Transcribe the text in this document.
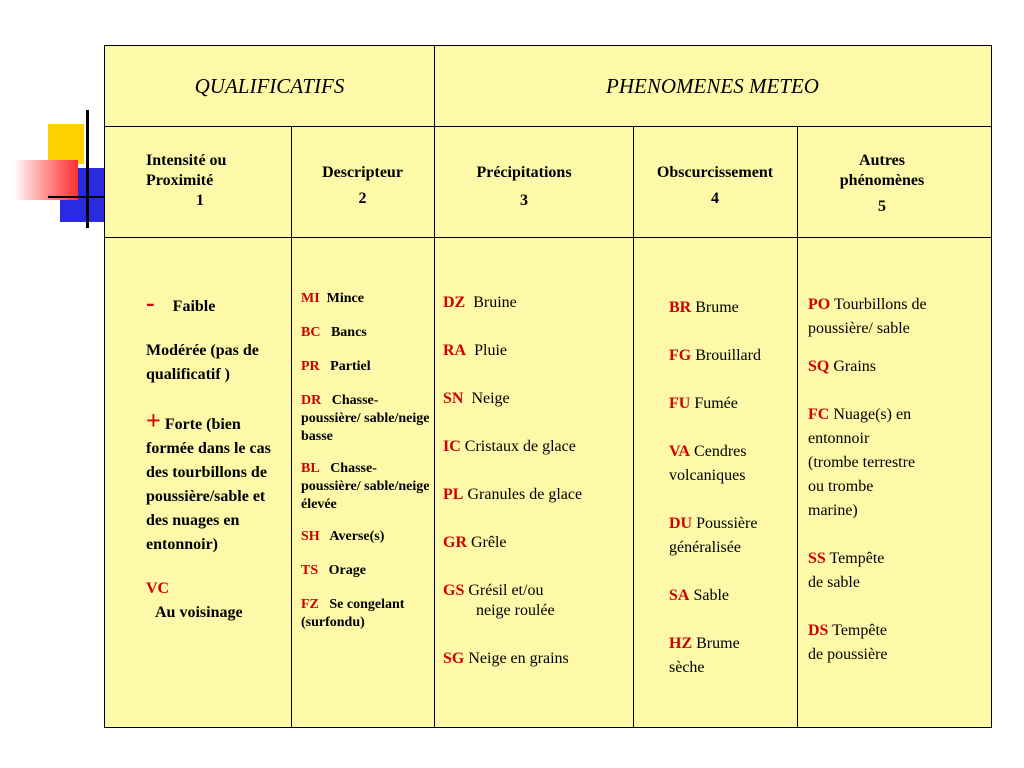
QUALIFICATIFS	PHENOMENES METEO
Intensité ou Proximité
1
Descripteur
2
Précipitations
3
Obscurcissement
4
Autres phénomènes
5
- Faible
Modérée (pas de qualificatif )
+ Forte (bien formée dans le cas des tourbillons de poussière/sable et des nuages en entonnoir)
VC
Au voisinage
MI Mince
BC Bancs
PR Partiel
DR Chasse-poussière/ sable/neige basse
BL Chasse-poussière/ sable/neige élevée
SH Averse(s)
TS Orage
FZ Se congelant (surfondu)
DZ Bruine
RA Pluie
SN Neige
IC Cristaux de glace
PL Granules de glace
GR Grêle
GS Grésil et/ou
neige roulée
SG Neige en grains
BR Brume
FG Brouillard
FU Fumée
VA Cendres
volcaniques
DU Poussière
généralisée
SA Sable
HZ Brume
sèche
PO Tourbillons de
poussière/ sable
SQ Grains
FC Nuage(s) en
entonnoir
(trombe terrestre
ou trombe
marine)
SS Tempête
de sable
DS Tempête
de poussière
